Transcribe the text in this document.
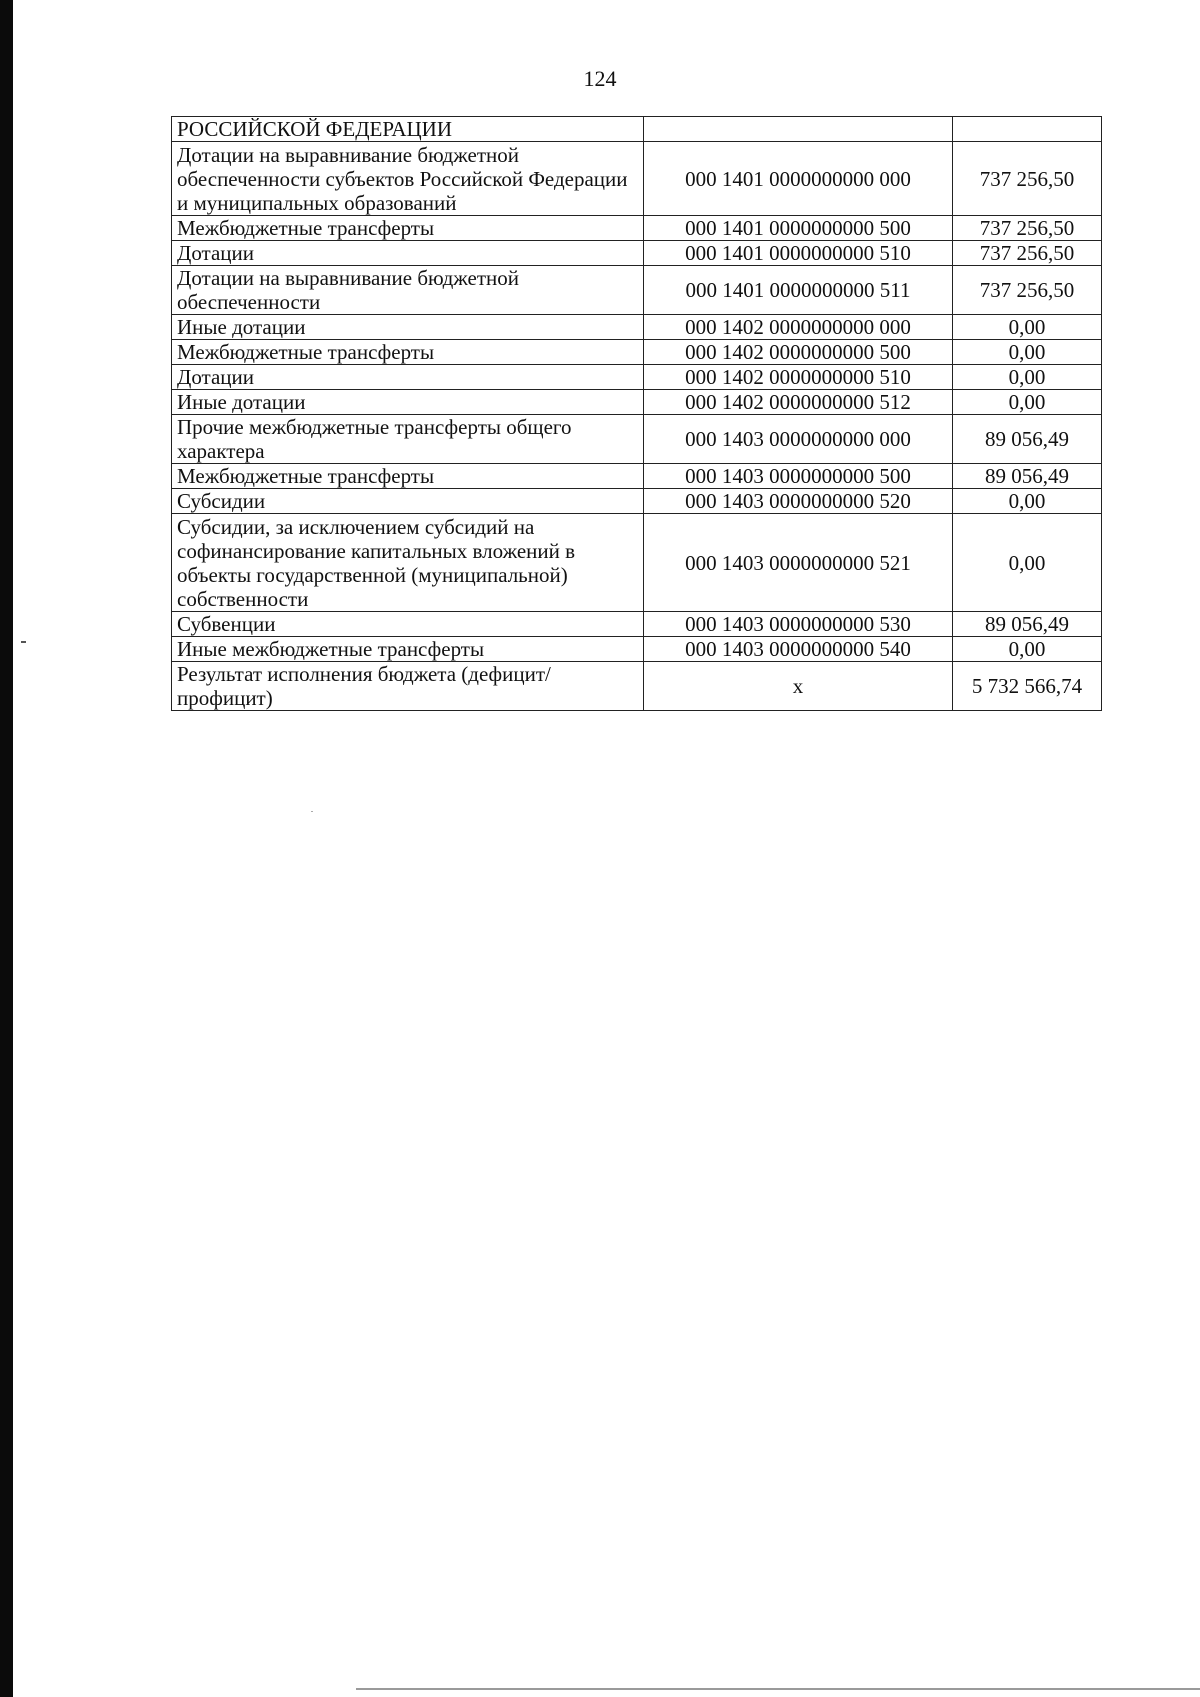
124
РОССИЙСКОЙ ФЕДЕРАЦИИ		
Дотации на выравнивание бюджетной обеспеченности субъектов Российской Федерации и муниципальных образований	000 1401 0000000000 000	737 256,50
Межбюджетные трансферты	000 1401 0000000000 500	737 256,50
Дотации	000 1401 0000000000 510	737 256,50
Дотации на выравнивание бюджетной обеспеченности	000 1401 0000000000 511	737 256,50
Иные дотации	000 1402 0000000000 000	0,00
Межбюджетные трансферты	000 1402 0000000000 500	0,00
Дотации	000 1402 0000000000 510	0,00
Иные дотации	000 1402 0000000000 512	0,00
Прочие межбюджетные трансферты общего характера	000 1403 0000000000 000	89 056,49
Межбюджетные трансферты	000 1403 0000000000 500	89 056,49
Субсидии	000 1403 0000000000 520	0,00
Субсидии, за исключением субсидий на софинансирование капитальных вложений в объекты государственной (муниципальной) собственности	000 1403 0000000000 521	0,00
Субвенции	000 1403 0000000000 530	89 056,49
Иные межбюджетные трансферты	000 1403 0000000000 540	0,00
Результат исполнения бюджета (дефицит/профицит)	x	5 732 566,74
